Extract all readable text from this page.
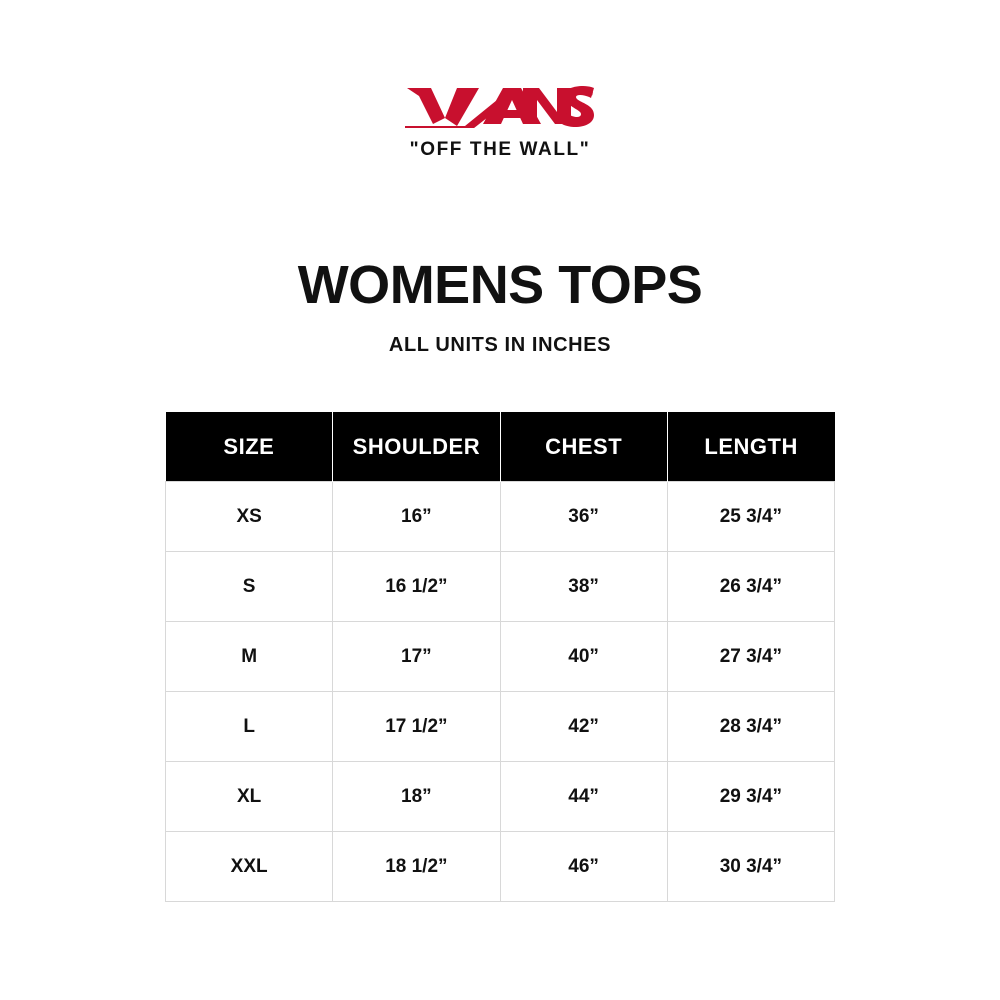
®
"OFF THE WALL"
WOMENS TOPS
ALL UNITS IN INCHES
SIZE	SHOULDER	CHEST	LENGTH
XS	16”	36”	25 3/4”
S	16 1/2”	38”	26 3/4”
M	17”	40”	27 3/4”
L	17 1/2”	42”	28 3/4”
XL	18”	44”	29 3/4”
XXL	18 1/2”	46”	30 3/4”
